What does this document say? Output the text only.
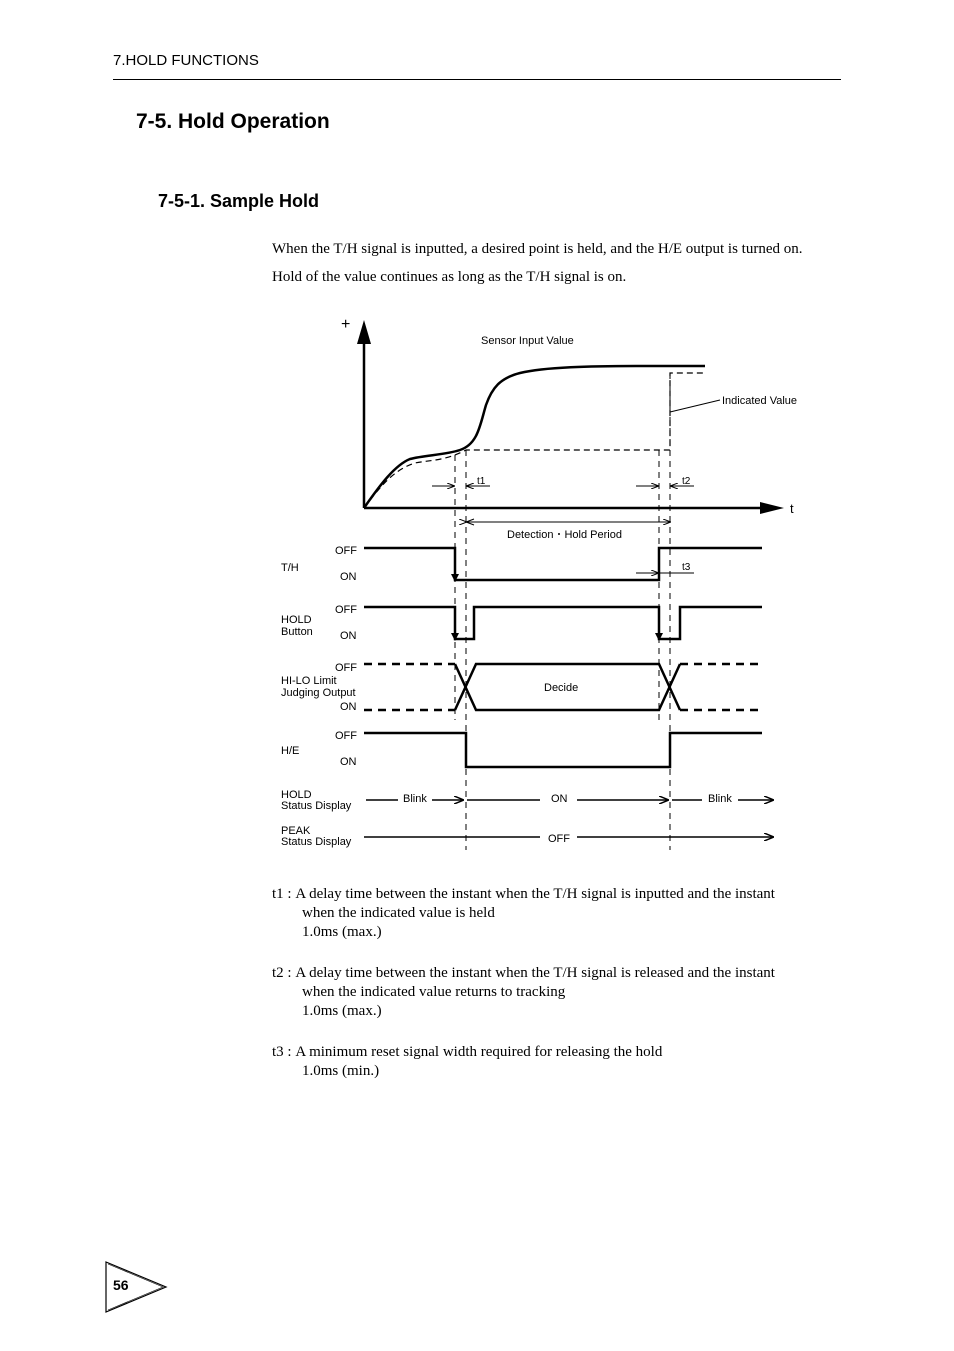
7.HOLD FUNCTIONS
7-5. Hold Operation
7-5-1. Sample Hold
When the T/H signal is inputted, a desired point is held, and the H/E output is turned on.
Hold of the value continues as long as the T/H signal is on.
+
t
Sensor Input Value
Indicated Value
t1	t2
Detection・Hold Period
T/H
OFF
ON
t3
HOLD
Button
OFF
ON
OFF
HI-LO Limit
Judging Output
ON
Decide
OFF
H/E
ON
HOLD
Status Display
Blink	ON	Blink
PEAK
Status Display	OFF
t1 : A delay time between the instant when the T/H signal is inputted and the instant
when the indicated value is held
1.0ms (max.)
t2 : A delay time between the instant when the T/H signal is released and the instant
when the indicated value returns to tracking
1.0ms (max.)
t3 : A minimum reset signal width required for releasing the hold
1.0ms (min.)
56
